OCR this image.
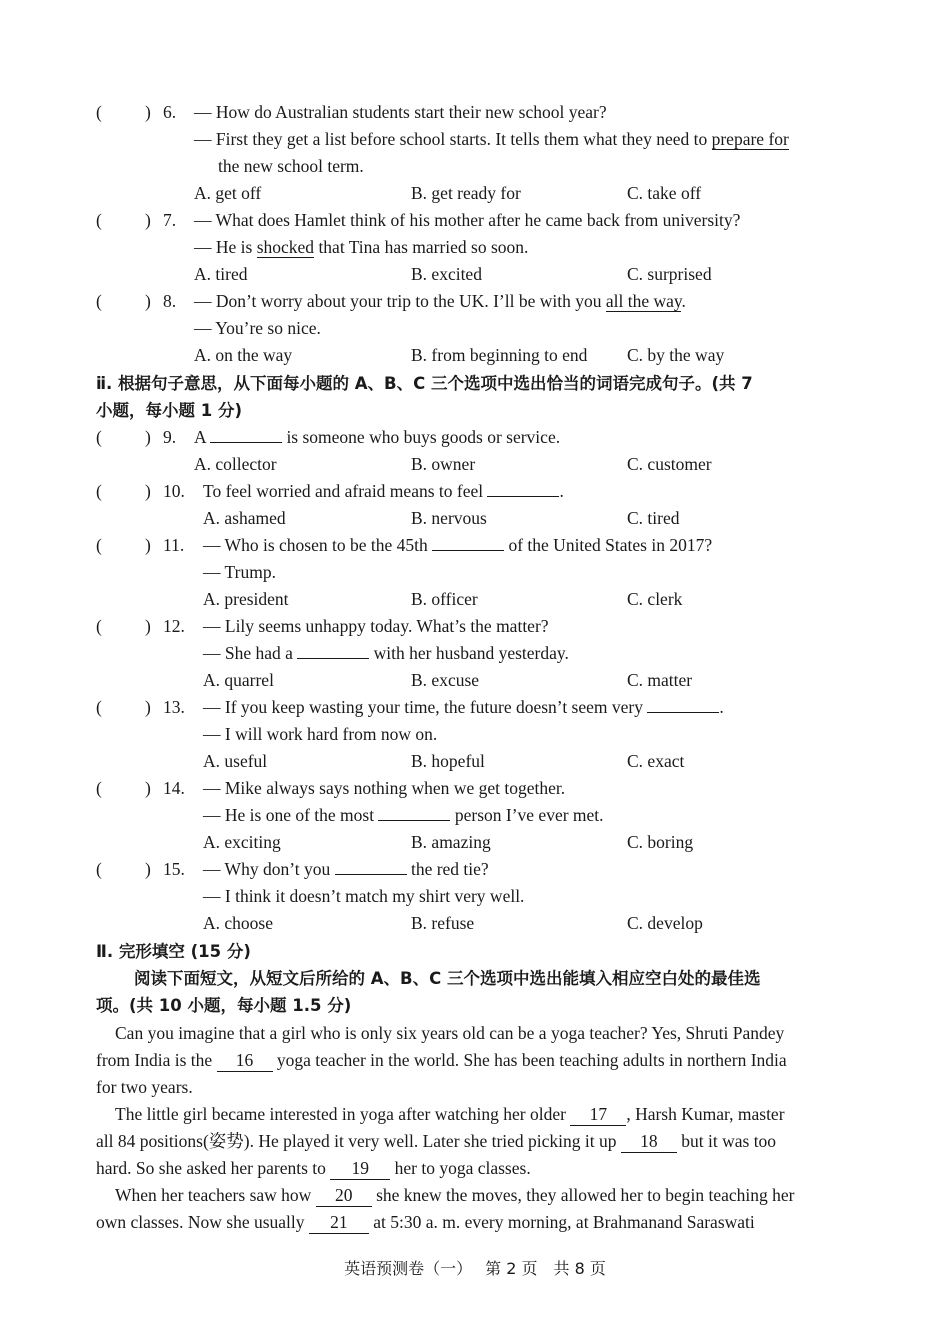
( ) 6. — How do Australian students start their new school year?
— First they get a list before school starts. It tells them what they need to prepare for
the new school term.
A. get off	B. get ready for	C. take off
( ) 7. — What does Hamlet think of his mother after he came back from university?
— He is shocked that Tina has married so soon.
A. tired	B. excited	C. surprised
( ) 8. — Don’t worry about your trip to the UK. I’ll be with you all the way.
— You’re so nice.
A. on the way	B. from beginning to end C. by the way
ⅱ. 根据句子意思，从下面每小题的 A、B、C 三个选项中选出恰当的词语完成句子。(共 7
小题，每小题 1 分)
( ) 9. A	is someone who buys goods or service.
A. collector	B. owner	C. customer
( ) 10. To feel worried and afraid means to feel	.
A. ashamed	B. nervous	C. tired
( ) 11. — Who is chosen to be the 45th	of the United States in 2017?
— Trump.
A. president	B. officer	C. clerk
( ) 12. — Lily seems unhappy today. What’s the matter?
— She had a	with her husband yesterday.
A. quarrel	B. excuse	C. matter
( ) 13. — If you keep wasting your time, the future doesn’t seem very	.
— I will work hard from now on.
A. useful	B. hopeful	C. exact
( ) 14. — Mike always says nothing when we get together.
— He is one of the most	person I’ve ever met.
A. exciting	B. amazing	C. boring
( ) 15. — Why don’t you	the red tie?
— I think it doesn’t match my shirt very well.
A. choose	B. refuse	C. develop
Ⅱ. 完形填空 (15 分)
阅读下面短文，从短文后所给的 A、B、C 三个选项中选出能填入相应空白处的最佳选
项。(共 10 小题，每小题 1.5 分)
Can you imagine that a girl who is only six years old can be a yoga teacher? Yes, Shruti Pandey
from India is the 16 yoga teacher in the world. She has been teaching adults in northern India
for two years.
The little girl became interested in yoga after watching her older 17 , Harsh Kumar, master
all 84 positions(姿势). He played it very well. Later she tried picking it up 18 but it was too
hard. So she asked her parents to 19 her to yoga classes.
When her teachers saw how 20 she knew the moves, they allowed her to begin teaching her
own classes. Now she usually 21 at 5:30 a. m. every morning, at Brahmanand Saraswati
英语预测卷（一）　 第 2 页　共 8 页
